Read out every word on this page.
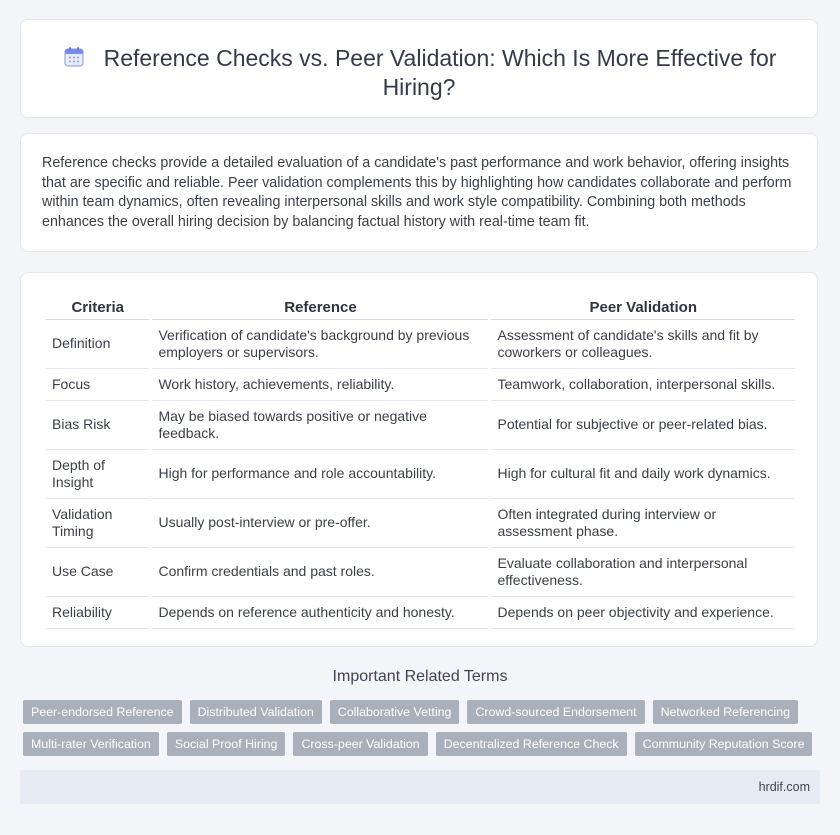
Reference Checks vs. Peer Validation: Which Is More Effective for Hiring?
Reference checks provide a detailed evaluation of a candidate's past performance and work behavior, offering insights that are specific and reliable. Peer validation complements this by highlighting how candidates collaborate and perform within team dynamics, often revealing interpersonal skills and work style compatibility. Combining both methods enhances the overall hiring decision by balancing factual history with real-time team fit.
Criteria	Reference	Peer Validation
Definition	Verification of candidate's background by previous employers or supervisors.	Assessment of candidate's skills and fit by coworkers or colleagues.
Focus	Work history, achievements, reliability.	Teamwork, collaboration, interpersonal skills.
Bias Risk	May be biased towards positive or negative feedback.	Potential for subjective or peer-related bias.
Depth of Insight	High for performance and role accountability.	High for cultural fit and daily work dynamics.
Validation Timing	Usually post-interview or pre-offer.	Often integrated during interview or assessment phase.
Use Case	Confirm credentials and past roles.	Evaluate collaboration and interpersonal effectiveness.
Reliability	Depends on reference authenticity and honesty.	Depends on peer objectivity and experience.
Important Related Terms
Peer-endorsed Reference	Distributed Validation	Collaborative Vetting	Crowd-sourced Endorsement	Networked Referencing
Multi-rater Verification	Social Proof Hiring	Cross-peer Validation	Decentralized Reference Check	Community Reputation Score
hrdif.com
